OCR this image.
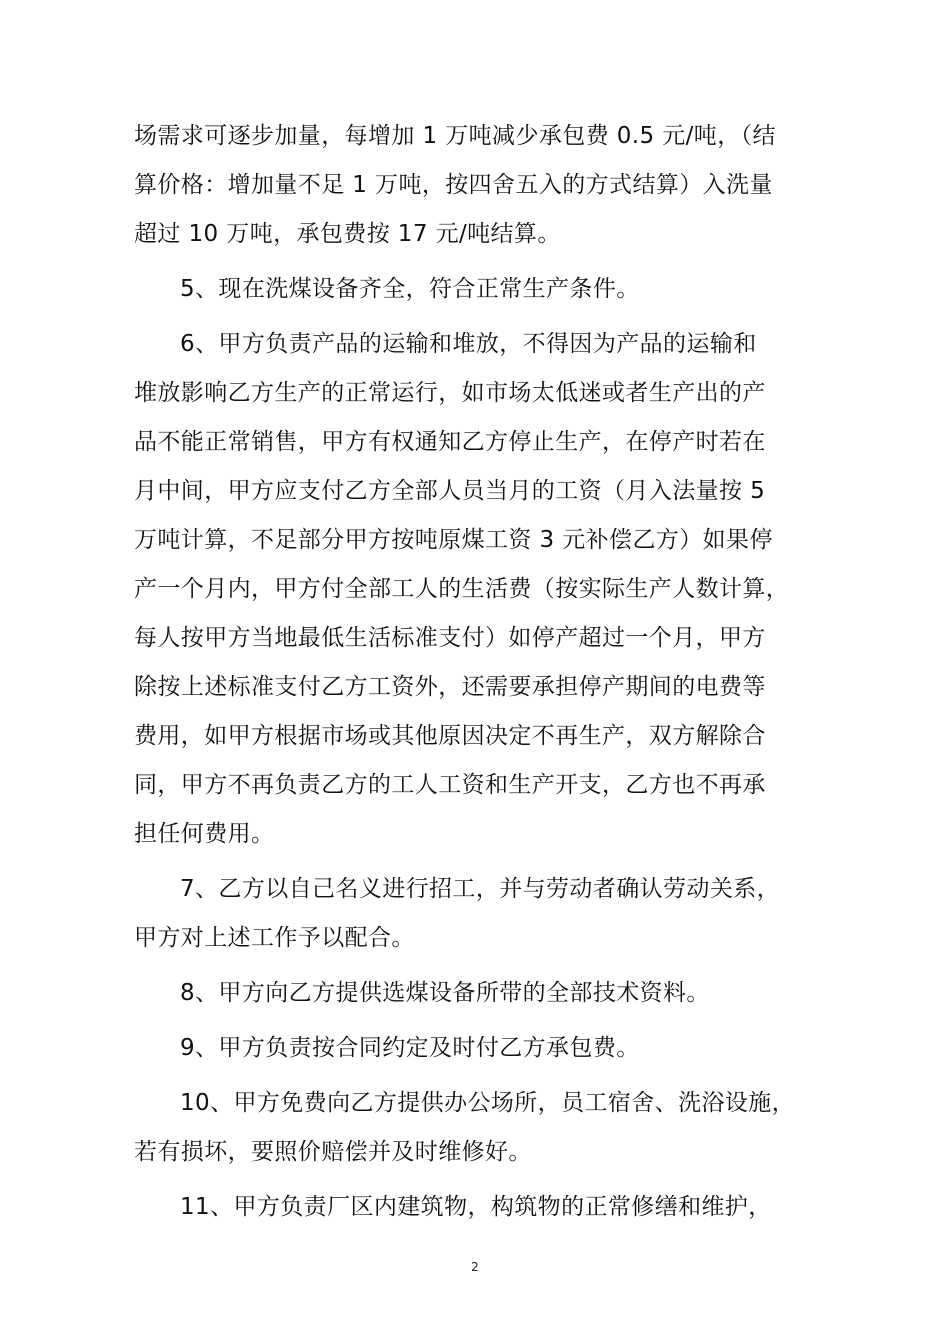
场需求可逐步加量，每增加 1 万吨减少承包费 0.5 元/吨，（结
算价格：增加量不足 1 万吨，按四舍五入的方式结算）入洗量
超过 10 万吨，承包费按 17 元/吨结算。

5、现在洗煤设备齐全，符合正常生产条件。

6、甲方负责产品的运输和堆放，不得因为产品的运输和
堆放影响乙方生产的正常运行，如市场太低迷或者生产出的产
品不能正常销售，甲方有权通知乙方停止生产，在停产时若在
月中间，甲方应支付乙方全部人员当月的工资（月入法量按 5
万吨计算，不足部分甲方按吨原煤工资 3 元补偿乙方）如果停
产一个月内，甲方付全部工人的生活费（按实际生产人数计算，
每人按甲方当地最低生活标准支付）如停产超过一个月，甲方
除按上述标准支付乙方工资外，还需要承担停产期间的电费等
费用，如甲方根据市场或其他原因决定不再生产，双方解除合
同，甲方不再负责乙方的工人工资和生产开支，乙方也不再承
担任何费用。

7、乙方以自己名义进行招工，并与劳动者确认劳动关系，
甲方对上述工作予以配合。

8、甲方向乙方提供选煤设备所带的全部技术资料。

9、甲方负责按合同约定及时付乙方承包费。

10、甲方免费向乙方提供办公场所，员工宿舍、洗浴设施，
若有损坏，要照价赔偿并及时维修好。

11、甲方负责厂区内建筑物，构筑物的正常修缮和维护，

2
